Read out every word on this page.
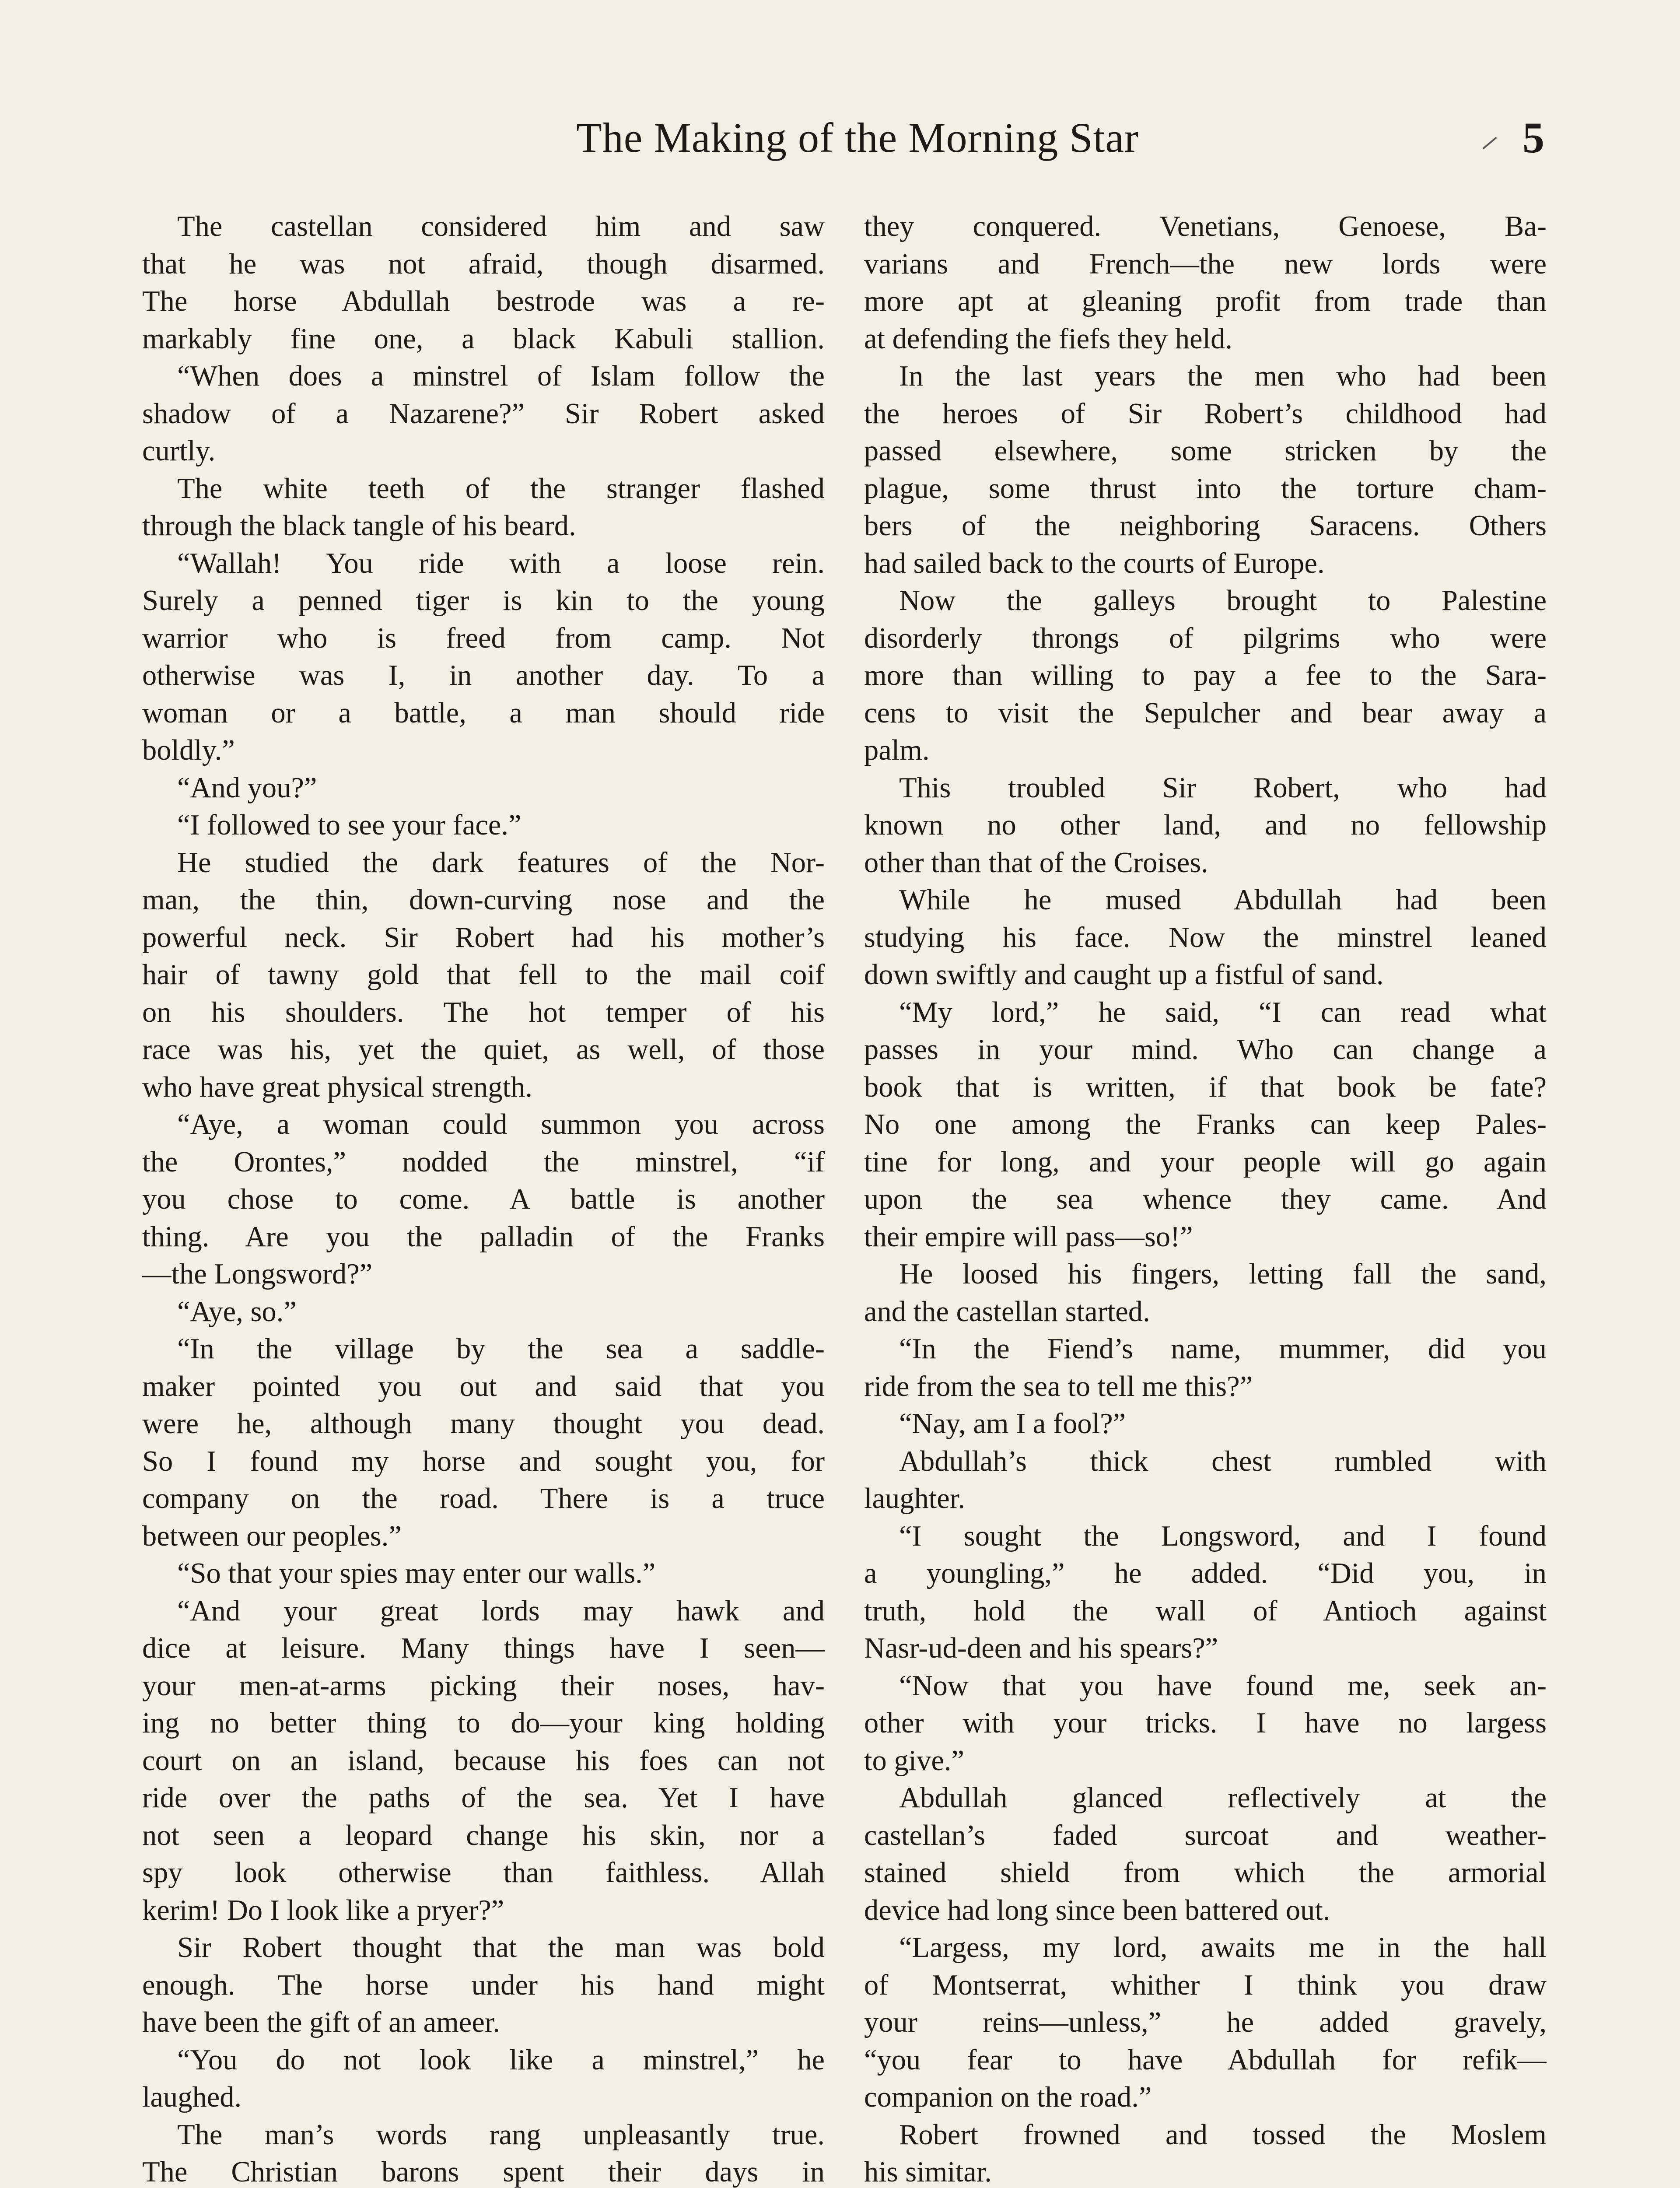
The Making of the Morning Star	5
The castellan considered him and saw
that he was not afraid, though disarmed.
The horse Abdullah bestrode was a re-
markably fine one, a black Kabuli stallion.
“When does a minstrel of Islam follow the
shadow of a Nazarene?” Sir Robert asked
curtly.
The white teeth of the stranger flashed
through the black tangle of his beard.
“Wallah! You ride with a loose rein.
Surely a penned tiger is kin to the young
warrior who is freed from camp. Not
otherwise was I, in another day. To a
woman or a battle, a man should ride
boldly.”
“And you?”
“I followed to see your face.”
He studied the dark features of the Nor-
man, the thin, down-curving nose and the
powerful neck. Sir Robert had his mother’s
hair of tawny gold that fell to the mail coif
on his shoulders. The hot temper of his
race was his, yet the quiet, as well, of those
who have great physical strength.
“Aye, a woman could summon you across
the Orontes,” nodded the minstrel, “if
you chose to come. A battle is another
thing. Are you the palladin of the Franks
—the Longsword?”
“Aye, so.”
“In the village by the sea a saddle-
maker pointed you out and said that you
were he, although many thought you dead.
So I found my horse and sought you, for
company on the road. There is a truce
between our peoples.”
“So that your spies may enter our walls.”
“And your great lords may hawk and
dice at leisure. Many things have I seen—
your men-at-arms picking their noses, hav-
ing no better thing to do—your king holding
court on an island, because his foes can not
ride over the paths of the sea. Yet I have
not seen a leopard change his skin, nor a
spy look otherwise than faithless. Allah
kerim! Do I look like a pryer?”
Sir Robert thought that the man was bold
enough. The horse under his hand might
have been the gift of an ameer.
“You do not look like a minstrel,” he
laughed.
The man’s words rang unpleasantly true.
The Christian barons spent their days in
they conquered. Venetians, Genoese, Ba-
varians and French—the new lords were
more apt at gleaning profit from trade than
at defending the fiefs they held.
In the last years the men who had been
the heroes of Sir Robert’s childhood had
passed elsewhere, some stricken by the
plague, some thrust into the torture cham-
bers of the neighboring Saracens. Others
had sailed back to the courts of Europe.
Now the galleys brought to Palestine
disorderly throngs of pilgrims who were
more than willing to pay a fee to the Sara-
cens to visit the Sepulcher and bear away a
palm.
This troubled Sir Robert, who had
known no other land, and no fellowship
other than that of the Croises.
While he mused Abdullah had been
studying his face. Now the minstrel leaned
down swiftly and caught up a fistful of sand.
“My lord,” he said, “I can read what
passes in your mind. Who can change a
book that is written, if that book be fate?
No one among the Franks can keep Pales-
tine for long, and your people will go again
upon the sea whence they came. And
their empire will pass—so!”
He loosed his fingers, letting fall the sand,
and the castellan started.
“In the Fiend’s name, mummer, did you
ride from the sea to tell me this?”
“Nay, am I a fool?”
Abdullah’s thick chest rumbled with
laughter.
“I sought the Longsword, and I found
a youngling,” he added. “Did you, in
truth, hold the wall of Antioch against
Nasr-ud-deen and his spears?”
“Now that you have found me, seek an-
other with your tricks. I have no largess
to give.”
Abdullah glanced reflectively at the
castellan’s faded surcoat and weather-
stained shield from which the armorial
device had long since been battered out.
“Largess, my lord, awaits me in the hall
of Montserrat, whither I think you draw
your reins—unless,” he added gravely,
“you fear to have Abdullah for refik—
companion on the road.”
Robert frowned and tossed the Moslem
his simitar.
